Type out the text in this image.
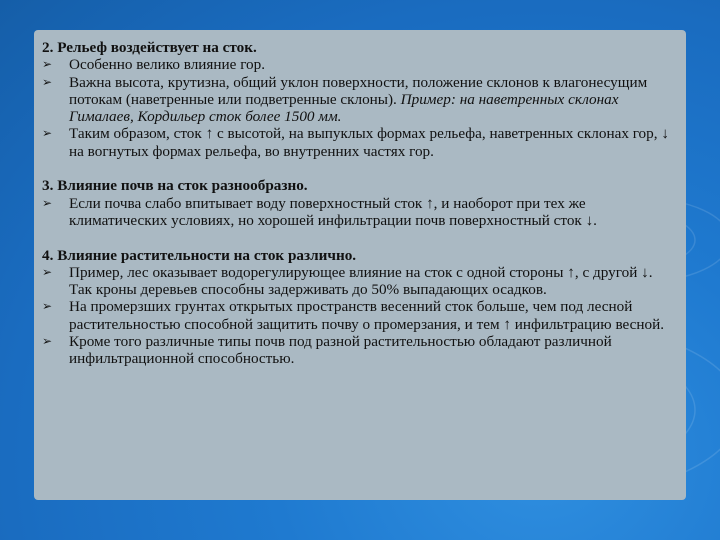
2. Рельеф воздействует на сток.

➢ Особенно велико влияние гор.

➢ Важна высота, крутизна, общий уклон поверхности, положение склонов к влагонесущим потокам (наветренные или подветренные склоны). Пример: на наветренных склонах Гималаев, Кордильер сток более 1500 мм.

➢ Таким образом, сток ↑ с высотой, на выпуклых формах рельефа, наветренных склонах гор, ↓ на вогнутых формах рельефа, во внутренних частях гор.

3. Влияние почв на сток разнообразно.

➢ Если почва слабо впитывает воду поверхностный сток ↑, и наоборот при тех же климатических условиях, но хорошей инфильтрации почв поверхностный сток ↓.

4. Влияние растительности на сток различно.

➢ Пример, лес оказывает водорегулирующее влияние на сток с одной стороны ↑, с другой ↓. Так кроны деревьев способны задерживать до 50% выпадающих осадков.

➢ На промерзших грунтах открытых пространств весенний сток больше, чем под лесной растительностью способной защитить почву о промерзания, и тем ↑ инфильтрацию весной.

➢ Кроме того различные типы почв под разной растительностью обладают различной инфильтрационной способностью.
